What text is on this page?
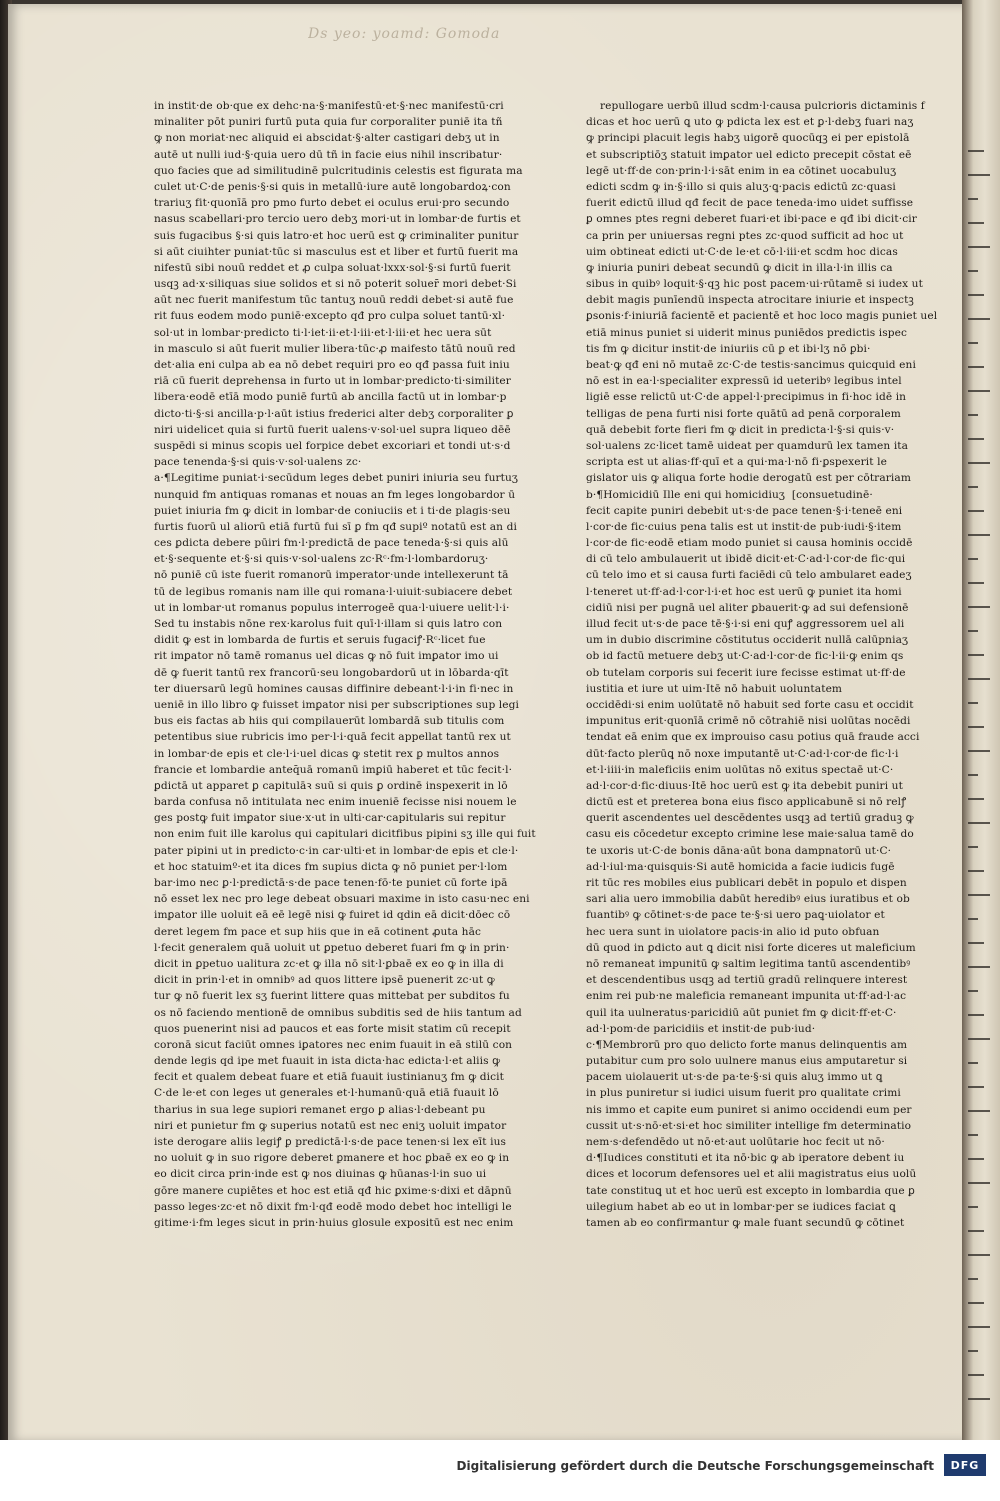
Ds yeo: yoamd: Gomoda
in instit·de ob·que ex dehc·na·§·manifestū·et·§·nec manifestū·cri
minaliter pōt puniri furtū puta quia fur corporaliter puniē ita tñ
ꝙ non moriat·nec aliquid ei abscidat·§·alter castigari debʒ ut in
autē ut nulli iud·§·quia uero dū tñ in facie eius nihil inscribatur·
quo facies que ad similitudinē pulcritudinis celestis est figurata ma
culet ut·C·de penis·§·si quis in metallū·iure autē longobardoꝝ·con
trariuʒ fit·quonīā pro pmo furto debet ei oculus erui·pro secundo
nasus scabellari·pro tercio uero debʒ mori·ut in lombar·de furtis et
suis fugacibus §·si quis latro·et hoc uerū est ꝙ criminaliter punitur
si aūt ciuihter puniat·tūc si masculus est et liber et furtū fuerit ma
nifestū sibi nouū reddet et ꝓ culpa soluat·lxxx·sol·§·si furtū fuerit
usqꝫ ad·x·siliquas siue solidos et si nō poterit soluer̄ mori debet·Si
aūt nec fuerit manifestum tūc tantuʒ nouū reddi debet·si autē fue
rit fuus eodem modo puniē·excepto qđ pro culpa soluet tantū·xl·
sol·ut in lombar·predicto ti·l·iet·ii·et·l·iii·et·l·iii·et hec uera sūt
in masculo si aūt fuerit mulier libera·tūc·ꝓ maifesto tātū nouū red
det·alia eni culpa ab ea nō debet requiri pro eo qđ passa fuit iniu
riā cū fuerit deprehensa in furto ut in lombar·predicto·ti·similiter
libera·eodē etīā modo puniē furtū ab ancilla factū ut in lombar·p
dicto·ti·§·si ancilla·p·l·aūt istius frederici alter debʒ corporaliter ꝑ
niri uidelicet quia si furtū fuerit ualens·v·sol·uel supra liqueo dēē
suspēdi si minus scopis uel forpice debet excoriari et tondi ut·s·d
pace tenenda·§·si quis·v·sol·ualens zc·
a·¶Legitime puniat·i·secūdum leges debet puniri iniuria seu furtuʒ
nunquid fm antiquas romanas et nouas an fm leges longobardor ū
puiet iniuria fm ꝙ dicit in lombar·de coniuciis et i ti·de plagis·seu
furtis fuorū ul aliorū etiā furtū fui sī ꝑ fm qđ supiº notatū est an di
ces ꝑdicta debere pūiri fm·l·predictā de pace teneda·§·si quis alū
et·§·sequente et·§·si quis·v·sol·ualens zc·Rᶜ·fm·l·lombardoruʒ·
nō puniē cū iste fuerit romanorū imperator·unde intellexerunt tā
tū de legibus romanis nam ille qui romana·l·uiuit·subiacere debet
ut in lombar·ut romanus populus interrogeē qua·l·uiuere uelit·l·i·
Sed tu instabis nōne rex·karolus fuit quī·l·illam si quis latro con
didit ꝙ est in lombarda de furtis et seruis fugaciꝭ·Rᶜ·licet fue
rit imꝑator nō tamē romanus uel dicas ꝙ nō fuit imꝑator imo ui
dē ꝙ fuerit tantū rex francorū·seu longobardorū ut in lōbarda·qīt
ter diuersarū legū homines causas diffinire debeant·l·i·in fi·nec in
ueniē in illo libro ꝙ fuisset imꝑator nisi per subscriptiones sup legi
bus eis factas ab hiis qui compilauerūt lombardā sub titulis com
petentibus siue rubricis imo per·l·i·quā fecit appellat tantū rex ut
in lombar·de epis et cle·l·i·uel dicas ꝙ stetit rex ꝑ multos annos
francie et lombardie anteq̄uā romanū imꝑiū haberet et tūc fecit·l·
ꝑdictā ut apparet ꝑ capitulāꝛ suū si quis ꝑ ordinē inspexerit in lō
barda confusa nō intitulata nec enim inueniē fecisse nisi nouem le
ges postꝙ fuit imꝑator siue·x·ut in ulti·car·capitularis sui repitur
non enim fuit ille karolus qui capitulari dicitfibus pipini sʒ ille qui fuit
pater pipini ut in predicto·c·in car·ulti·et in lombar·de epis et cle·l·
et hoc statuimº·et ita dices fm supius dicta ꝙ nō puniet per·l·lom
bar·imo nec ꝑ·l·predictā·s·de pace tenen·fō·te puniet cū forte ipā
nō esset lex nec pro lege debeat obsuari maxime in isto casu·nec eni
imꝑator ille uoluit eā eē legē nisi ꝙ fuiret id qdin eā dicit·dōec cō
deret legem fm pace et sup hiis que in eā cotinent ꝓuta hāc
l·fecit generalem quā uoluit ut ꝑpetuo deberet fuari fm ꝙ in prin·
dicit in ꝑpetuo ualitura zc·et ꝙ illa nō sit·l·ꝑbaē ex eo ꝙ in illa di
dicit in prin·l·et in omnibꝰ ad quos littere ipsē puenerit zc·ut ꝙ
tur ꝙ nō fuerit lex sʒ fuerint littere quas mittebat per subditos fu
os nō faciendo mentionē de omnibus subditis sed de hiis tantum ad
quos puenerint nisi ad paucos et eas forte misit statim cū recepit
coronā sicut faciūt omnes iꝑatores nec enim fuauit in eā stilū con
dende legis qd ipe met fuauit in ista dicta·hac edicta·l·et aliis ꝙ
fecit et qualem debeat fuare et etiā fuauit iustinianuʒ fm ꝙ dicit
C·de le·et con leges ut generales et·l·humanū·quā etiā fuauit lō
tharius in sua lege supiori remanet ergo ꝑ alias·l·debeant pu
niri et punietur fm ꝙ superius notatū est nec eniʒ uoluit imꝑator
iste derogare aliis legiꝭ ꝑ predictā·l·s·de pace tenen·si lex eīt ius
no uoluit ꝙ in suo rigore deberet ꝑmanere et hoc ꝑbaē ex eo ꝙ in
eo dicit circa prin·inde est ꝙ nos diuinas ꝙ hūanas·l·in suo ui
gōre manere cupiētes et hoc est etiā qđ hic ꝑxime·s·dixi et dāpnū
passo leges·zc·et nō dixit fm·l·qđ eodē modo debet hoc intelligi le
gitime·i·fm leges sicut in prin·huius glosule expositū est nec enim
repullogare uerbū illud scdm·l·causa pulcrioris dictaminis f
dicas et hoc uerū ꝗ uto ꝙ pdicta lex est et ꝑ·l·debʒ fuari naʒ
ꝙ principi placuit legis habʒ uigorē quocūqꝫ ei per epistolā
et subscriptiōʒ statuit imꝑator uel edicto precepit cōstat eē
legē ut·ff·de con·prin·l·i·sāt enim in ea cōtinet uocabuluʒ
edicti scdm ꝙ in·§·illo si quis aluʒ·ꝗ·pacis edictū zc·quasi
fuerit edictū illud qđ fecit de pace teneda·imo uidet suffisse
ꝑ omnes ptes regni deberet fuari·et ibi·pace e qđ ibi dicit·cir
ca prin per uniuersas regni ptes zc·quod sufficit ad hoc ut
uim obtineat edicti ut·C·de le·et cō·l·iii·et scdm hoc dicas
ꝙ iniuria puniri debeat secundū ꝙ dicit in illa·l·in illis ca
sibus in quibꝰ loquit·§·qꝫ hic post pacem·ui·rūtamē si iudex ut
debit magis punīendū inspecta atrocitare iniurie et inspectꝫ
ꝑsonis·f·iniuriā facientē et pacientē et hoc loco magis puniet uel
etiā minus puniet si uiderit minus puniēdos predictis ispec
tis fm ꝙ dicitur instit·de iniuriis cū ꝑ et ibi·lʒ nō ꝑbi·
beat·ꝙ qđ eni nō mutaē zc·C·de testis·sancimus quicquid eni
nō est in ea·l·specialiter expressū id ueteribꝰ legibus intel
ligiē esse relictū ut·C·de appel·l·precipimus in fi·hoc idē in
telligas de pena furti nisi forte quātū ad penā corporalem
quā debebit forte fieri fm ꝙ dicit in predicta·l·§·si quis·v·
sol·ualens zc·licet tamē uideat per quamdurū lex tamen ita
scripta est ut alias·ff·quī et a qui·ma·l·nō fi·ꝑspexerit le
gislator uis ꝙ aliqua forte hodie derogatū est per cōtrariam
b·¶Homicidiū Ille eni qui homicidiuʒ  [consuetudinē·
fecit capite puniri debebit ut·s·de pace tenen·§·i·teneē eni
l·cor·de fic·cuius pena talis est ut instit·de pub·iudi·§·item
l·cor·de fic·eodē etiam modo puniet si causa hominis occidē
di cū telo ambulauerit ut ibidē dicit·et·C·ad·l·cor·de fic·qui
cū telo imo et si causa furti faciēdi cū telo ambularet eadeʒ
l·teneret ut·ff·ad·l·cor·l·i·et hoc est uerū ꝙ puniet ita homi
cidiū nisi per pugnā uel aliter ꝑbauerit·ꝙ ad sui defensionē
illud fecit ut·s·de pace tē·§·i·si eni quꝭ aggressorem uel ali
um in dubio discrimine cōstitutus occiderit nullā calūpniaʒ
ob id factū metuere debʒ ut·C·ad·l·cor·de fic·l·ii·ꝙ enim qs
ob tutelam corporis sui fecerit iure fecisse estimat ut·ff·de
iustitia et iure ut uim·Itē nō habuit uoluntatem
occidēdi·si enim uolūtatē nō habuit sed forte casu et occidit
impunitus erit·quonīā crimē nō cōtrahiē nisi uolūtas nocēdi
tendat eā enim que ex improuiso casu potius quā fraude acci
dūt·facto plerūꝗ nō noxe imputantē ut·C·ad·l·cor·de fic·l·i
et·l·iiii·in maleficiis enim uolūtas nō exitus spectaē ut·C·
ad·l·cor·d·fic·diuus·Itē hoc uerū est ꝙ ita debebit puniri ut
dictū est et preterea bona eius fisco applicabunē si nō relꝭ
querit ascendentes uel descēdentes usqꝫ ad tertiū graduꝫ ꝙ
casu eis cōcedetur excepto crimine lese maie·salua tamē do
te uxoris ut·C·de bonis dāna·aūt bona dampnatorū ut·C·
ad·l·iul·ma·quisquis·Si autē homicida a facie iudicis fugē
rit tūc res mobiles eius publicari debēt in populo et dispen
sari alia uero immobilia dabūt heredibꝰ eius iuratibus et ob
fuantibꝰ ꝙ cōtinet·s·de pace te·§·si uero paꝗ·uiolator et
hec uera sunt in uiolatore pacis·in alio id puto obfuan
dū quod in ꝑdicto aut ꝗ dicit nisi forte diceres ut maleficium
nō remaneat impunitū ꝙ saltim legitima tantū ascendentibꝰ
et descendentibus usqꝫ ad tertiū gradū relinquere interest
enim rei pub·ne maleficia remaneant impunita ut·ff·ad·l·ac
quil ita uulneratus·paricidiū aūt puniet fm ꝙ dicit·ff·et·C·
ad·l·pom·de paricidiis et instit·de pub·iud·
c·¶Membrorū pro quo delicto forte manus delinquentis am
putabitur cum pro solo uulnere manus eius amputaretur si
pacem uiolauerit ut·s·de pa·te·§·si quis aluʒ immo ut ꝗ
in plus puniretur si iudici uisum fuerit pro qualitate crimi
nis immo et capite eum puniret si animo occidendi eum per
cussit ut·s·nō·et·si·et hoc similiter intellige fm determinatio
nem·s·defendēdo ut nō·et·aut uolūtarie hoc fecit ut nō·
d·¶Iudices constituti et ita nō·bic ꝙ ab iperatore debent iu
dices et locorum defensores uel et alii magistratus eius uolū
tate constituꝗ ut et hoc uerū est excepto in lombardia que ꝑ
uilegium habet ab eo ut in lombar·per se iudices faciat ꝗ
tamen ab eo confirmantur ꝙ male fuant secundū ꝙ cōtinet
Digitalisierung gefördert durch die Deutsche Forschungsgemeinschaft	DFG
